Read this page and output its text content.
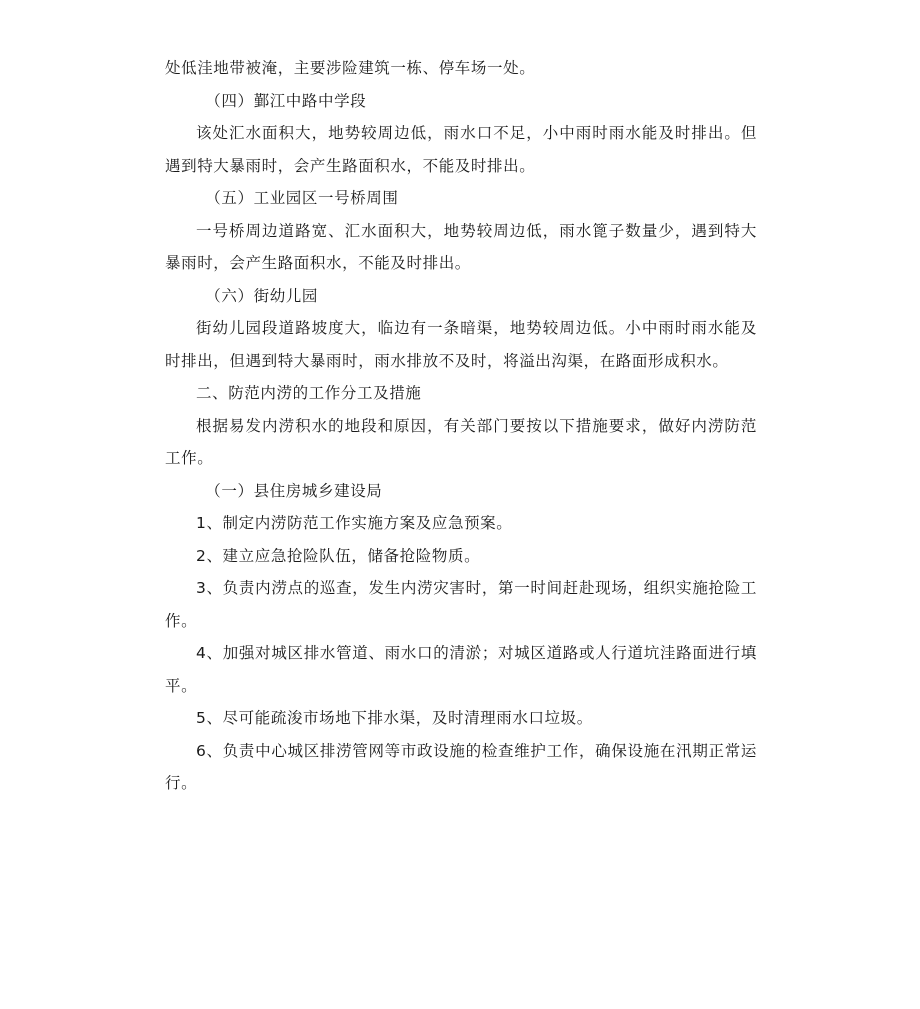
处低洼地带被淹，主要涉险建筑一栋、停车场一处。

（四）鄞江中路中学段

该处汇水面积大，地势较周边低，雨水口不足，小中雨时雨水能及时排出。但遇到特大暴雨时，会产生路面积水，不能及时排出。

（五）工业园区一号桥周围

一号桥周边道路宽、汇水面积大，地势较周边低，雨水篦子数量少，遇到特大暴雨时，会产生路面积水，不能及时排出。

（六）街幼儿园

街幼儿园段道路坡度大，临边有一条暗渠，地势较周边低。小中雨时雨水能及时排出，但遇到特大暴雨时，雨水排放不及时，将溢出沟渠，在路面形成积水。

二、防范内涝的工作分工及措施

根据易发内涝积水的地段和原因，有关部门要按以下措施要求，做好内涝防范工作。

（一）县住房城乡建设局

1、制定内涝防范工作实施方案及应急预案。

2、建立应急抢险队伍，储备抢险物质。

3、负责内涝点的巡查，发生内涝灾害时，第一时间赶赴现场，组织实施抢险工作。

4、加强对城区排水管道、雨水口的清淤；对城区道路或人行道坑洼路面进行填平。

5、尽可能疏浚市场地下排水渠，及时清理雨水口垃圾。

6、负责中心城区排涝管网等市政设施的检查维护工作，确保设施在汛期正常运行。
